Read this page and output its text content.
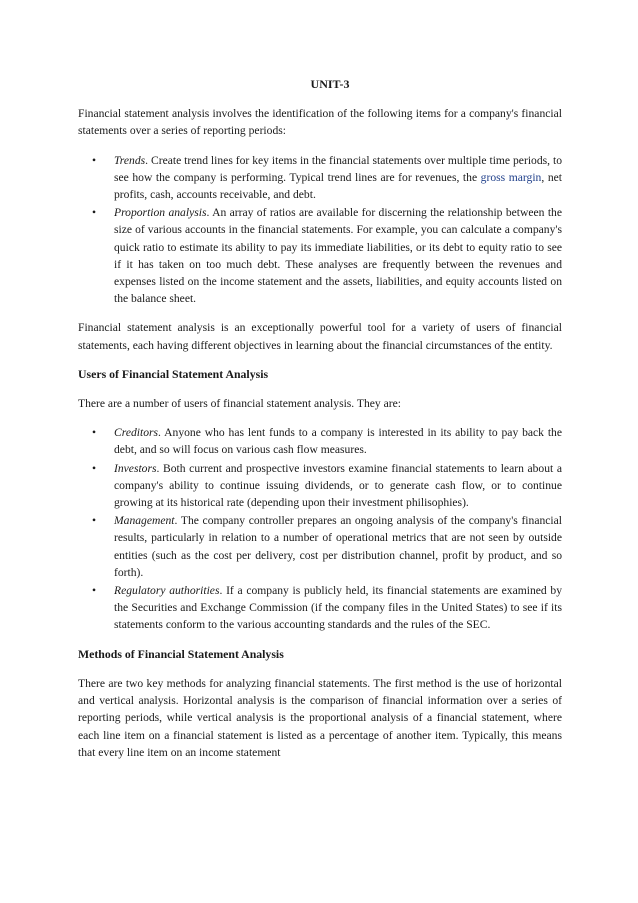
UNIT-3

Financial statement analysis involves the identification of the following items for a company's financial statements over a series of reporting periods:

• Trends. Create trend lines for key items in the financial statements over multiple time periods, to see how the company is performing. Typical trend lines are for revenues, the gross margin, net profits, cash, accounts receivable, and debt.
• Proportion analysis. An array of ratios are available for discerning the relationship between the size of various accounts in the financial statements. For example, you can calculate a company's quick ratio to estimate its ability to pay its immediate liabilities, or its debt to equity ratio to see if it has taken on too much debt. These analyses are frequently between the revenues and expenses listed on the income statement and the assets, liabilities, and equity accounts listed on the balance sheet.

Financial statement analysis is an exceptionally powerful tool for a variety of users of financial statements, each having different objectives in learning about the financial circumstances of the entity.

Users of Financial Statement Analysis

There are a number of users of financial statement analysis. They are:

• Creditors. Anyone who has lent funds to a company is interested in its ability to pay back the debt, and so will focus on various cash flow measures.
• Investors. Both current and prospective investors examine financial statements to learn about a company's ability to continue issuing dividends, or to generate cash flow, or to continue growing at its historical rate (depending upon their investment philisophies).
• Management. The company controller prepares an ongoing analysis of the company's financial results, particularly in relation to a number of operational metrics that are not seen by outside entities (such as the cost per delivery, cost per distribution channel, profit by product, and so forth).
• Regulatory authorities. If a company is publicly held, its financial statements are examined by the Securities and Exchange Commission (if the company files in the United States) to see if its statements conform to the various accounting standards and the rules of the SEC.
Methods of Financial Statement Analysis

There are two key methods for analyzing financial statements. The first method is the use of horizontal and vertical analysis. Horizontal analysis is the comparison of financial information over a series of reporting periods, while vertical analysis is the proportional analysis of a financial statement, where each line item on a financial statement is listed as a percentage of another item. Typically, this means that every line item on an income statement
